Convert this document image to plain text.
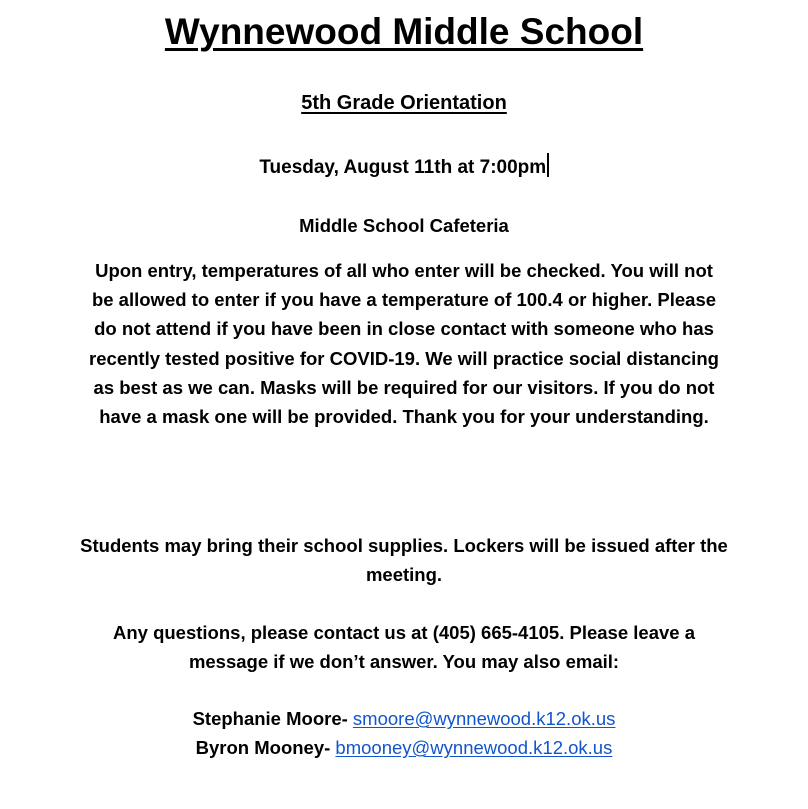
Wynnewood Middle School
5th Grade Orientation

Tuesday, August 11th at 7:00pm

Middle School Cafeteria

Upon entry, temperatures of all who enter will be checked. You will not be allowed to enter if you have a temperature of 100.4 or higher. Please do not attend if you have been in close contact with someone who has recently tested positive for COVID-19. We will practice social distancing as best as we can. Masks will be required for our visitors. If you do not have a mask one will be provided. Thank you for your understanding.

Students may bring their school supplies. Lockers will be issued after the meeting.

Any questions, please contact us at (405) 665-4105. Please leave a message if we don’t answer. You may also email:

Stephanie Moore- smoore@wynnewood.k12.ok.us

Byron Mooney- bmooney@wynnewood.k12.ok.us
